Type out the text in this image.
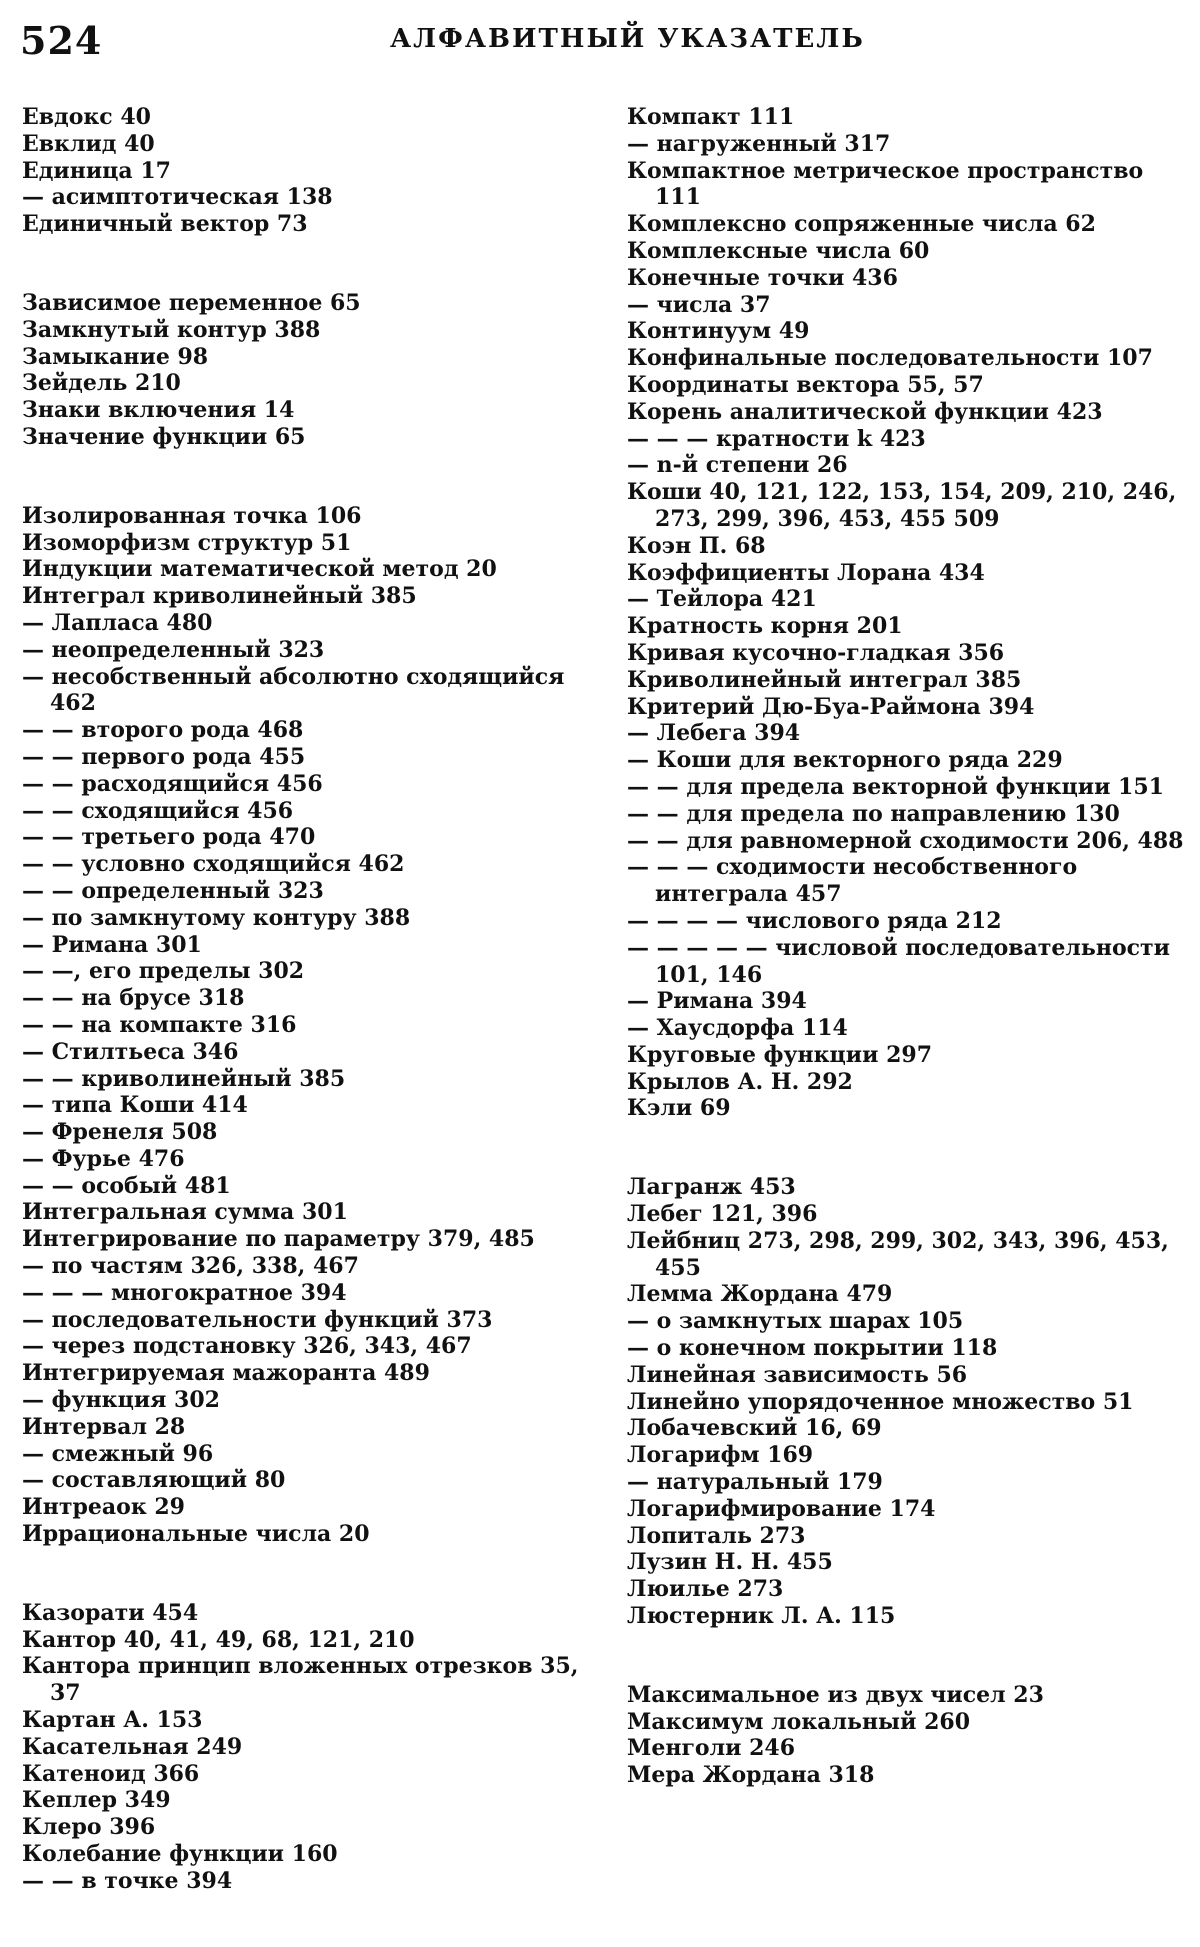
524	АЛФАВИТНЫЙ УКАЗАТЕЛЬ
Евдокс 40
Евклид 40
Единица 17
— асимптотическая 138
Единичный вектор 73
Зависимое переменное 65
Замкнутый контур 388
Замыкание 98
Зейдель 210
Знаки включения 14
Значение функции 65
Изолированная точка 106
Изоморфизм структур 51
Индукции математической метод 20
Интеграл криволинейный 385
— Лапласа 480
— неопределенный 323
— несобственный абсолютно сходящийся 462
— — второго рода 468
— — первого рода 455
— — расходящийся 456
— — сходящийся 456
— — третьего рода 470
— — условно сходящийся 462
— — определенный 323
— по замкнутому контуру 388
— Римана 301
— —, его пределы 302
— — на брусе 318
— — на компакте 316
— Стилтьеса 346
— — криволинейный 385
— типа Коши 414
— Френеля 508
— Фурье 476
— — особый 481
Интегральная сумма 301
Интегрирование по параметру 379, 485
— по частям 326, 338, 467
— — — многократное 394
— последовательности функций 373
— через подстановку 326, 343, 467
Интегрируемая мажоранта 489
— функция 302
Интервал 28
— смежный 96
— составляющий 80
Интреаок 29
Иррациональные числа 20
Казорати 454
Кантор 40, 41, 49, 68, 121, 210
Кантора принцип вложенных отрезков 35, 37
Картан А. 153
Касательная 249
Катеноид 366
Кеплер 349
Клеро 396
Колебание функции 160
— — в точке 394
Компакт 111
— нагруженный 317
Компактное метрическое пространство 111
Комплексно сопряженные числа 62
Комплексные числа 60
Конечные точки 436
— числа 37
Континуум 49
Конфинальные последовательности 107
Координаты вектора 55, 57
Корень аналитической функции 423
— — — кратности k 423
— n-й степени 26
Коши 40, 121, 122, 153, 154, 209, 210, 246, 273, 299, 396, 453, 455 509
Коэн П. 68
Коэффициенты Лорана 434
— Тейлора 421
Кратность корня 201
Кривая кусочно-гладкая 356
Криволинейный интеграл 385
Критерий Дю-Буа-Раймона 394
— Лебега 394
— Коши для векторного ряда 229
— — для предела векторной функции 151
— — для предела по направлению 130
— — для равномерной сходимости 206, 488
— — — сходимости несобственного интеграла 457
— — — — числового ряда 212
— — — — — числовой последовательности 101, 146
— Римана 394
— Хаусдорфа 114
Круговые функции 297
Крылов А. Н. 292
Кэли 69
Лагранж 453
Лебег 121, 396
Лейбниц 273, 298, 299, 302, 343, 396, 453, 455
Лемма Жордана 479
— о замкнутых шарах 105
— о конечном покрытии 118
Линейная зависимость 56
Линейно упорядоченное множество 51
Лобачевский 16, 69
Логарифм 169
— натуральный 179
Логарифмирование 174
Лопиталь 273
Лузин Н. Н. 455
Люилье 273
Люстерник Л. А. 115
Максимальное из двух чисел 23
Максимум локальный 260
Менголи 246
Мера Жордана 318
